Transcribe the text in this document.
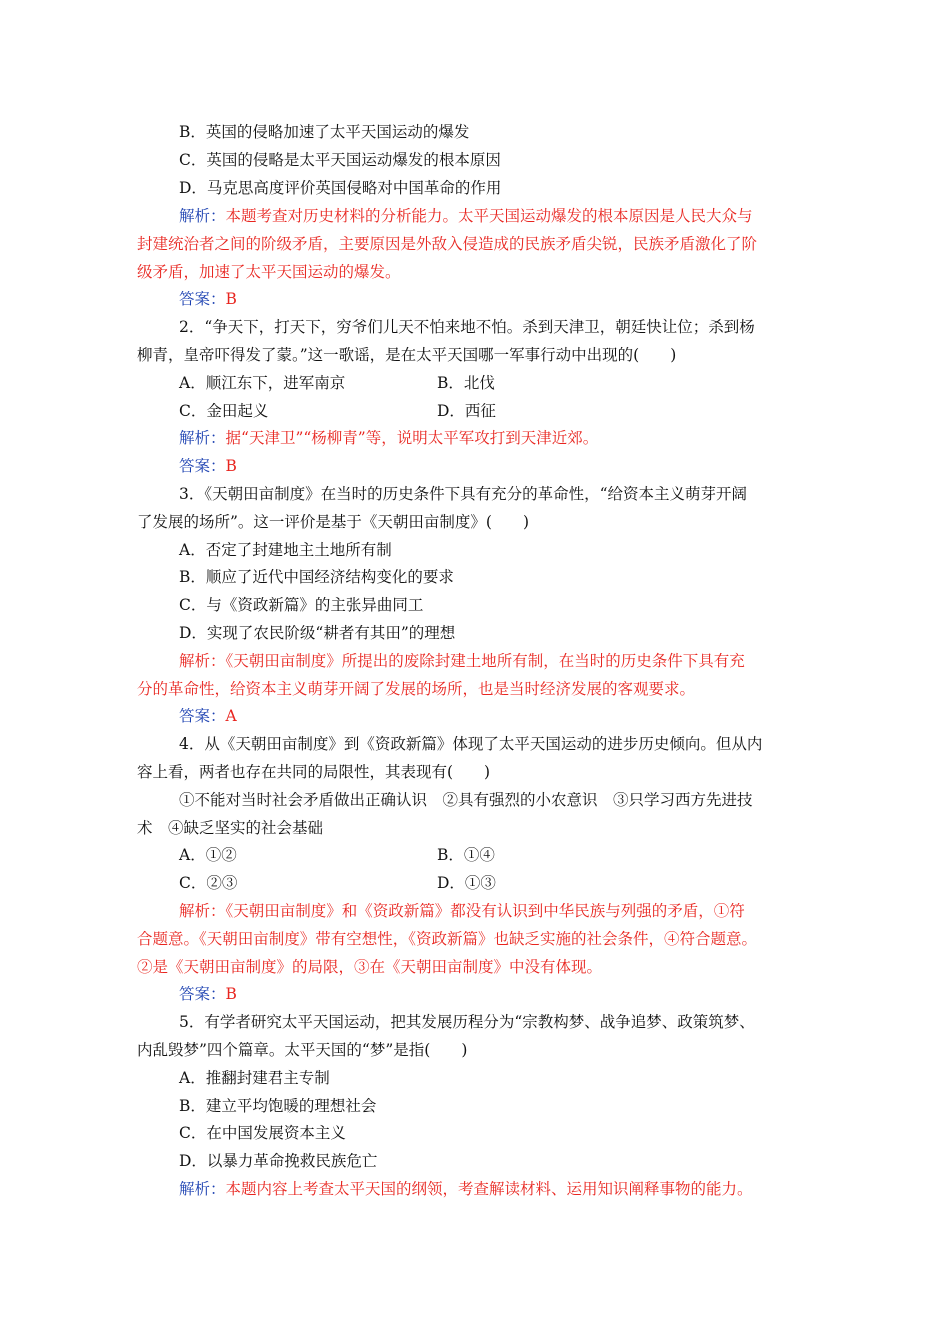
B．英国的侵略加速了太平天国运动的爆发
C．英国的侵略是太平天国运动爆发的根本原因
D．马克思高度评价英国侵略对中国革命的作用
解析：本题考查对历史材料的分析能力。太平天国运动爆发的根本原因是人民大众与
封建统治者之间的阶级矛盾，主要原因是外敌入侵造成的民族矛盾尖锐，民族矛盾激化了阶
级矛盾，加速了太平天国运动的爆发。
答案：B
2．“争天下，打天下，穷爷们儿天不怕来地不怕。杀到天津卫，朝廷快让位；杀到杨
柳青，皇帝吓得发了蒙。”这一歌谣，是在太平天国哪一军事行动中出现的(　　)
A．顺江东下，进军南京	B．北伐
C．金田起义	D．西征
解析：据“天津卫”“杨柳青”等，说明太平军攻打到天津近郊。
答案：B
3．《天朝田亩制度》在当时的历史条件下具有充分的革命性，“给资本主义萌芽开阔
了发展的场所”。这一评价是基于《天朝田亩制度》(　　)
A．否定了封建地主土地所有制
B．顺应了近代中国经济结构变化的要求
C．与《资政新篇》的主张异曲同工
D．实现了农民阶级“耕者有其田”的理想
解析：《天朝田亩制度》所提出的废除封建土地所有制，在当时的历史条件下具有充
分的革命性，给资本主义萌芽开阔了发展的场所，也是当时经济发展的客观要求。
答案：A
4．从《天朝田亩制度》到《资政新篇》体现了太平天国运动的进步历史倾向。但从内
容上看，两者也存在共同的局限性，其表现有(　　)
①不能对当时社会矛盾做出正确认识　②具有强烈的小农意识　③只学习西方先进技
术　④缺乏坚实的社会基础
A．①②	B．①④
C．②③	D．①③
解析：《天朝田亩制度》和《资政新篇》都没有认识到中华民族与列强的矛盾，①符
合题意。《天朝田亩制度》带有空想性，《资政新篇》也缺乏实施的社会条件，④符合题意。
②是《天朝田亩制度》的局限，③在《天朝田亩制度》中没有体现。
答案：B
5．有学者研究太平天国运动，把其发展历程分为“宗教构梦、战争追梦、政策筑梦、
内乱毁梦”四个篇章。太平天国的“梦”是指(　　)
A．推翻封建君主专制
B．建立平均饱暖的理想社会
C．在中国发展资本主义
D．以暴力革命挽救民族危亡
解析：本题内容上考查太平天国的纲领，考查解读材料、运用知识阐释事物的能力。
